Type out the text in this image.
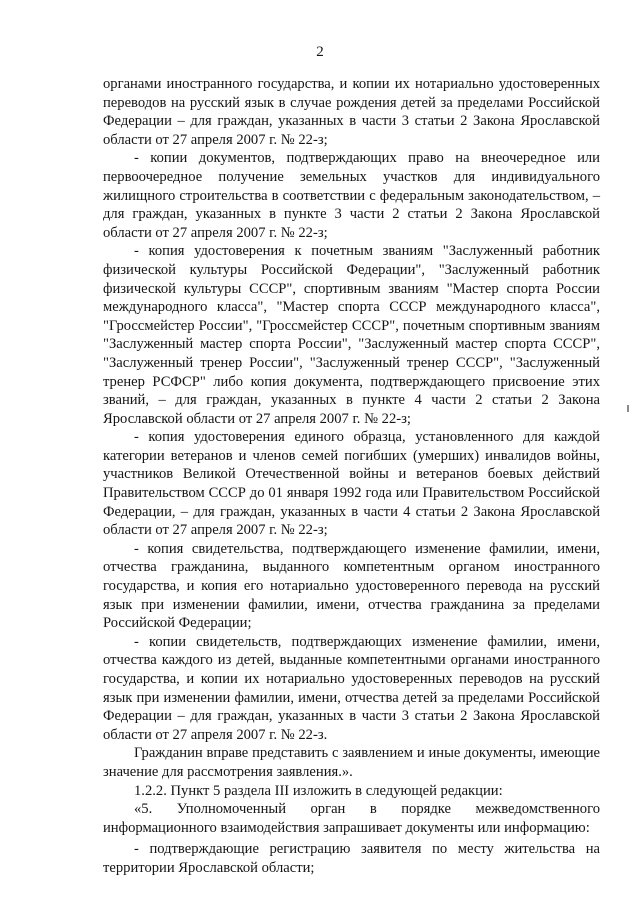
2

органами иностранного государства, и копии их нотариально удостоверенных переводов на русский язык в случае рождения детей за пределами Российской Федерации – для граждан, указанных в части 3 статьи 2 Закона Ярославской области от 27 апреля 2007 г. № 22-з;

- копии документов, подтверждающих право на внеочередное или первоочередное получение земельных участков для индивидуального жилищного строительства в соответствии с федеральным законодательством, – для граждан, указанных в пункте 3 части 2 статьи 2 Закона Ярославской области от 27 апреля 2007 г. № 22-з;

- копия удостоверения к почетным званиям "Заслуженный работник физической культуры Российской Федерации", "Заслуженный работник физической культуры СССР", спортивным званиям "Мастер спорта России международного класса", "Мастер спорта СССР международного класса", "Гроссмейстер России", "Гроссмейстер СССР", почетным спортивным званиям "Заслуженный мастер спорта России", "Заслуженный мастер спорта СССР", "Заслуженный тренер России", "Заслуженный тренер СССР", "Заслуженный тренер РСФСР" либо копия документа, подтверждающего присвоение этих званий, – для граждан, указанных в пункте 4 части 2 статьи 2 Закона Ярославской области от 27 апреля 2007 г. № 22-з;

- копия удостоверения единого образца, установленного для каждой категории ветеранов и членов семей погибших (умерших) инвалидов войны, участников Великой Отечественной войны и ветеранов боевых действий Правительством СССР до 01 января 1992 года или Правительством Российской Федерации, – для граждан, указанных в части 4 статьи 2 Закона Ярославской области от 27 апреля 2007 г. № 22-з;

- копия свидетельства, подтверждающего изменение фамилии, имени, отчества гражданина, выданного компетентным органом иностранного государства, и копия его нотариально удостоверенного перевода на русский язык при изменении фамилии, имени, отчества гражданина за пределами Российской Федерации;

- копии свидетельств, подтверждающих изменение фамилии, имени, отчества каждого из детей, выданные компетентными органами иностранного государства, и копии их нотариально удостоверенных переводов на русский язык при изменении фамилии, имени, отчества детей за пределами Российской Федерации – для граждан, указанных в части 3 статьи 2 Закона Ярославской области от 27 апреля 2007 г. № 22-з.

Гражданин вправе представить с заявлением и иные документы, имеющие значение для рассмотрения заявления.».

1.2.2. Пункт 5 раздела III изложить в следующей редакции:

«5. Уполномоченный орган в порядке межведомственного информационного взаимодействия запрашивает документы или информацию:

- подтверждающие регистрацию заявителя по месту жительства на территории Ярославской области;
